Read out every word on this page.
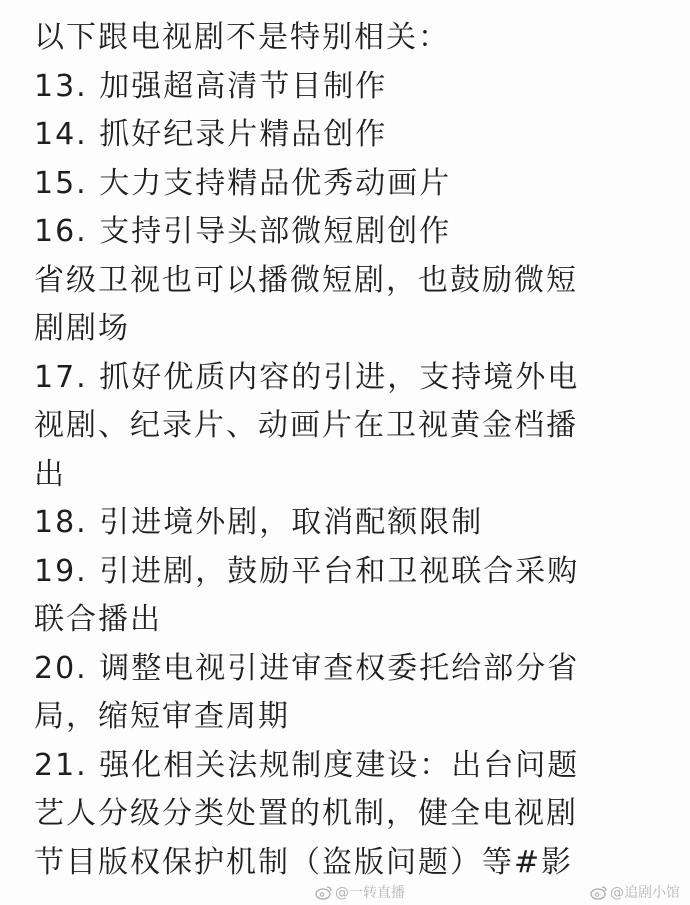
以下跟电视剧不是特别相关：
13. 加强超高清节目制作
14. 抓好纪录片精品创作
15. 大力支持精品优秀动画片
16. 支持引导头部微短剧创作
省级卫视也可以播微短剧，也鼓励微短
剧剧场
17. 抓好优质内容的引进，支持境外电
视剧、纪录片、动画片在卫视黄金档播
出
18. 引进境外剧，取消配额限制
19. 引进剧，鼓励平台和卫视联合采购
联合播出
20. 调整电视引进审查权委托给部分省
局，缩短审查周期
21. 强化相关法规制度建设：出台问题
艺人分级分类处置的机制，健全电视剧
节目版权保护机制（盗版问题）等#影
@一转直播	@追剧小馆
